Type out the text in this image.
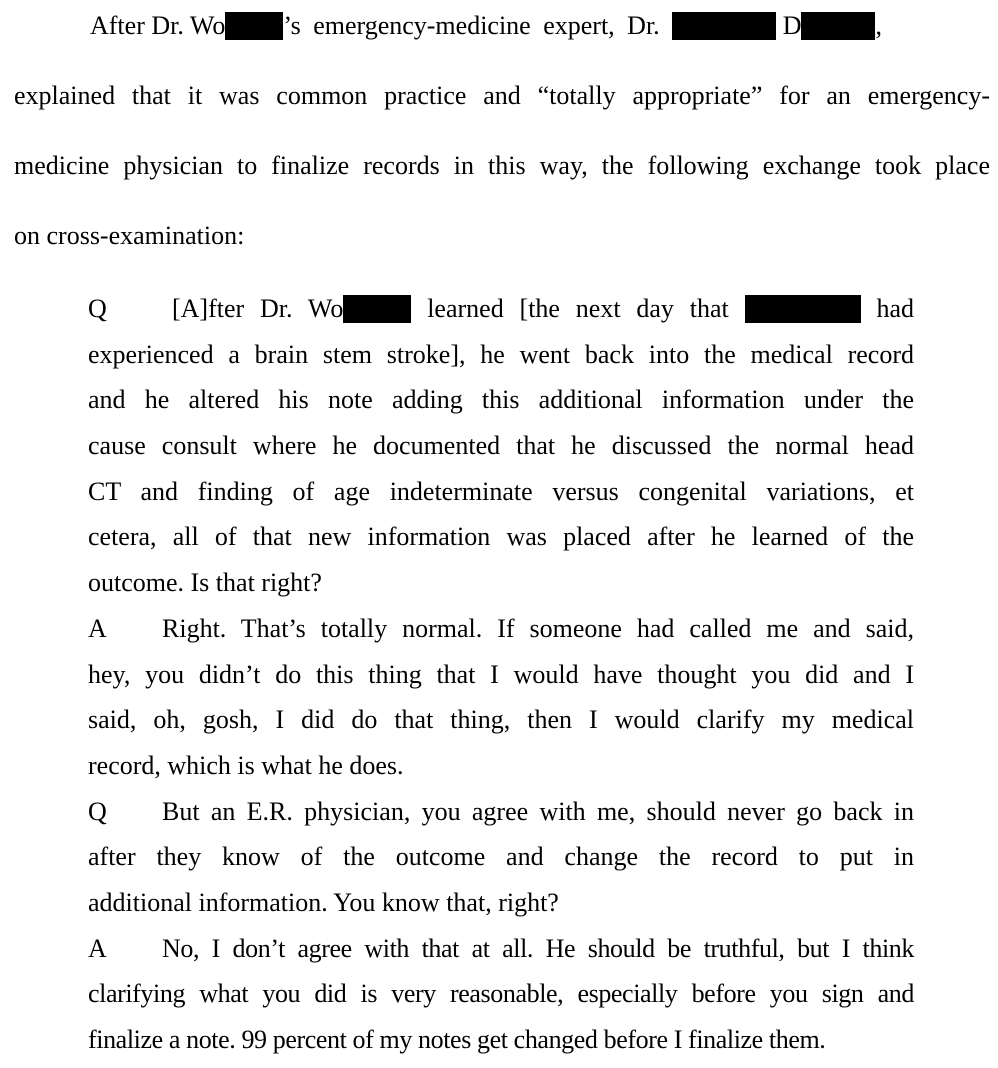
After Dr. Wo ’s emergency-medicine expert, Dr.	D	,
explained that it was common practice and “totally appropriate” for an emergency-
medicine physician to finalize records in this way, the following exchange took place
on cross-examination:
Q	[A]fter Dr. Wo	learned [the next day that	had
experienced a brain stem stroke], he went back into the medical record
and he altered his note adding this additional information under the
cause consult where he documented that he discussed the normal head
CT and finding of age indeterminate versus congenital variations, et
cetera, all of that new information was placed after he learned of the
outcome. Is that right?
A Right. That’s totally normal. If someone had called me and said,
hey, you didn’t do this thing that I would have thought you did and I
said, oh, gosh, I did do that thing, then I would clarify my medical
record, which is what he does.
Q But an E.R. physician, you agree with me, should never go back in
after they know of the outcome and change the record to put in
additional information. You know that, right?
A No, I don’t agree with that at all. He should be truthful, but I think
clarifying what you did is very reasonable, especially before you sign and
finalize a note. 99 percent of my notes get changed before I finalize them.
